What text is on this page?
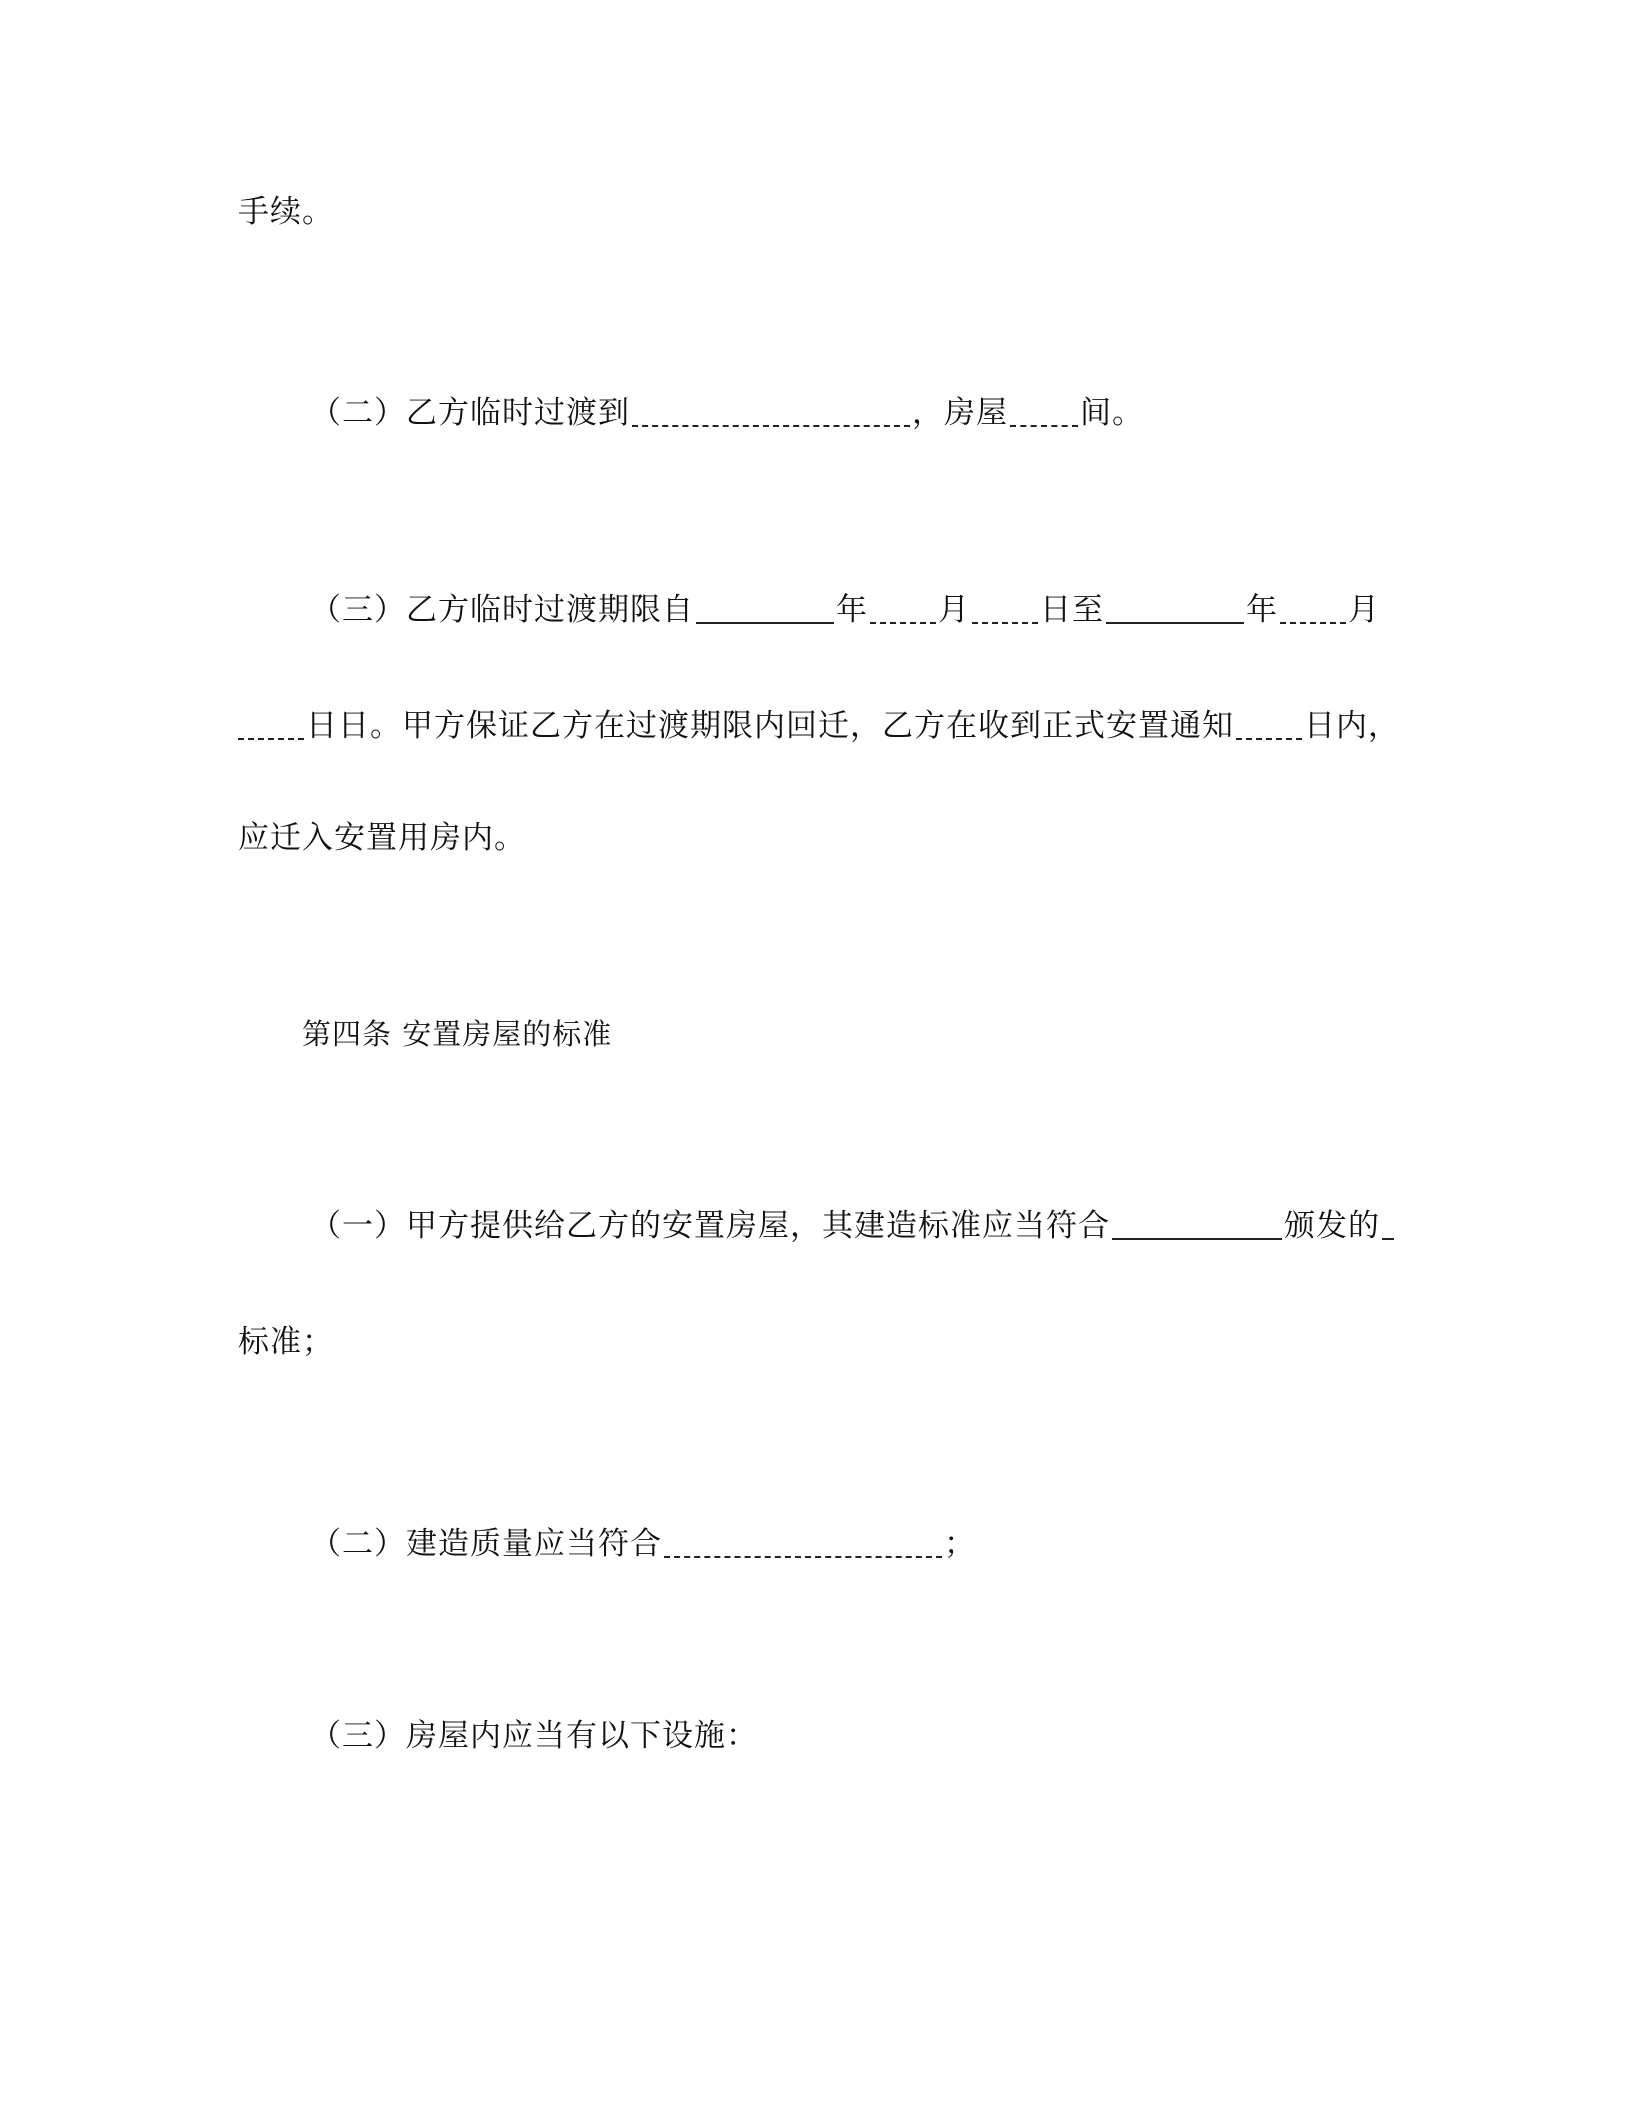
手续。
（二）乙方临时过渡到	，房屋 间。
（三）乙方临时过渡期限自	年 月 日至	年 月
日日。甲方保证乙方在过渡期限内回迁，乙方在收到正式安置通知 日内，
应迁入安置用房内。
第四条 安置房屋的标准
（一）甲方提供给乙方的安置房屋，其建造标准应当符合	颁发的
标准；
（二）建造质量应当符合	；
（三）房屋内应当有以下设施：
